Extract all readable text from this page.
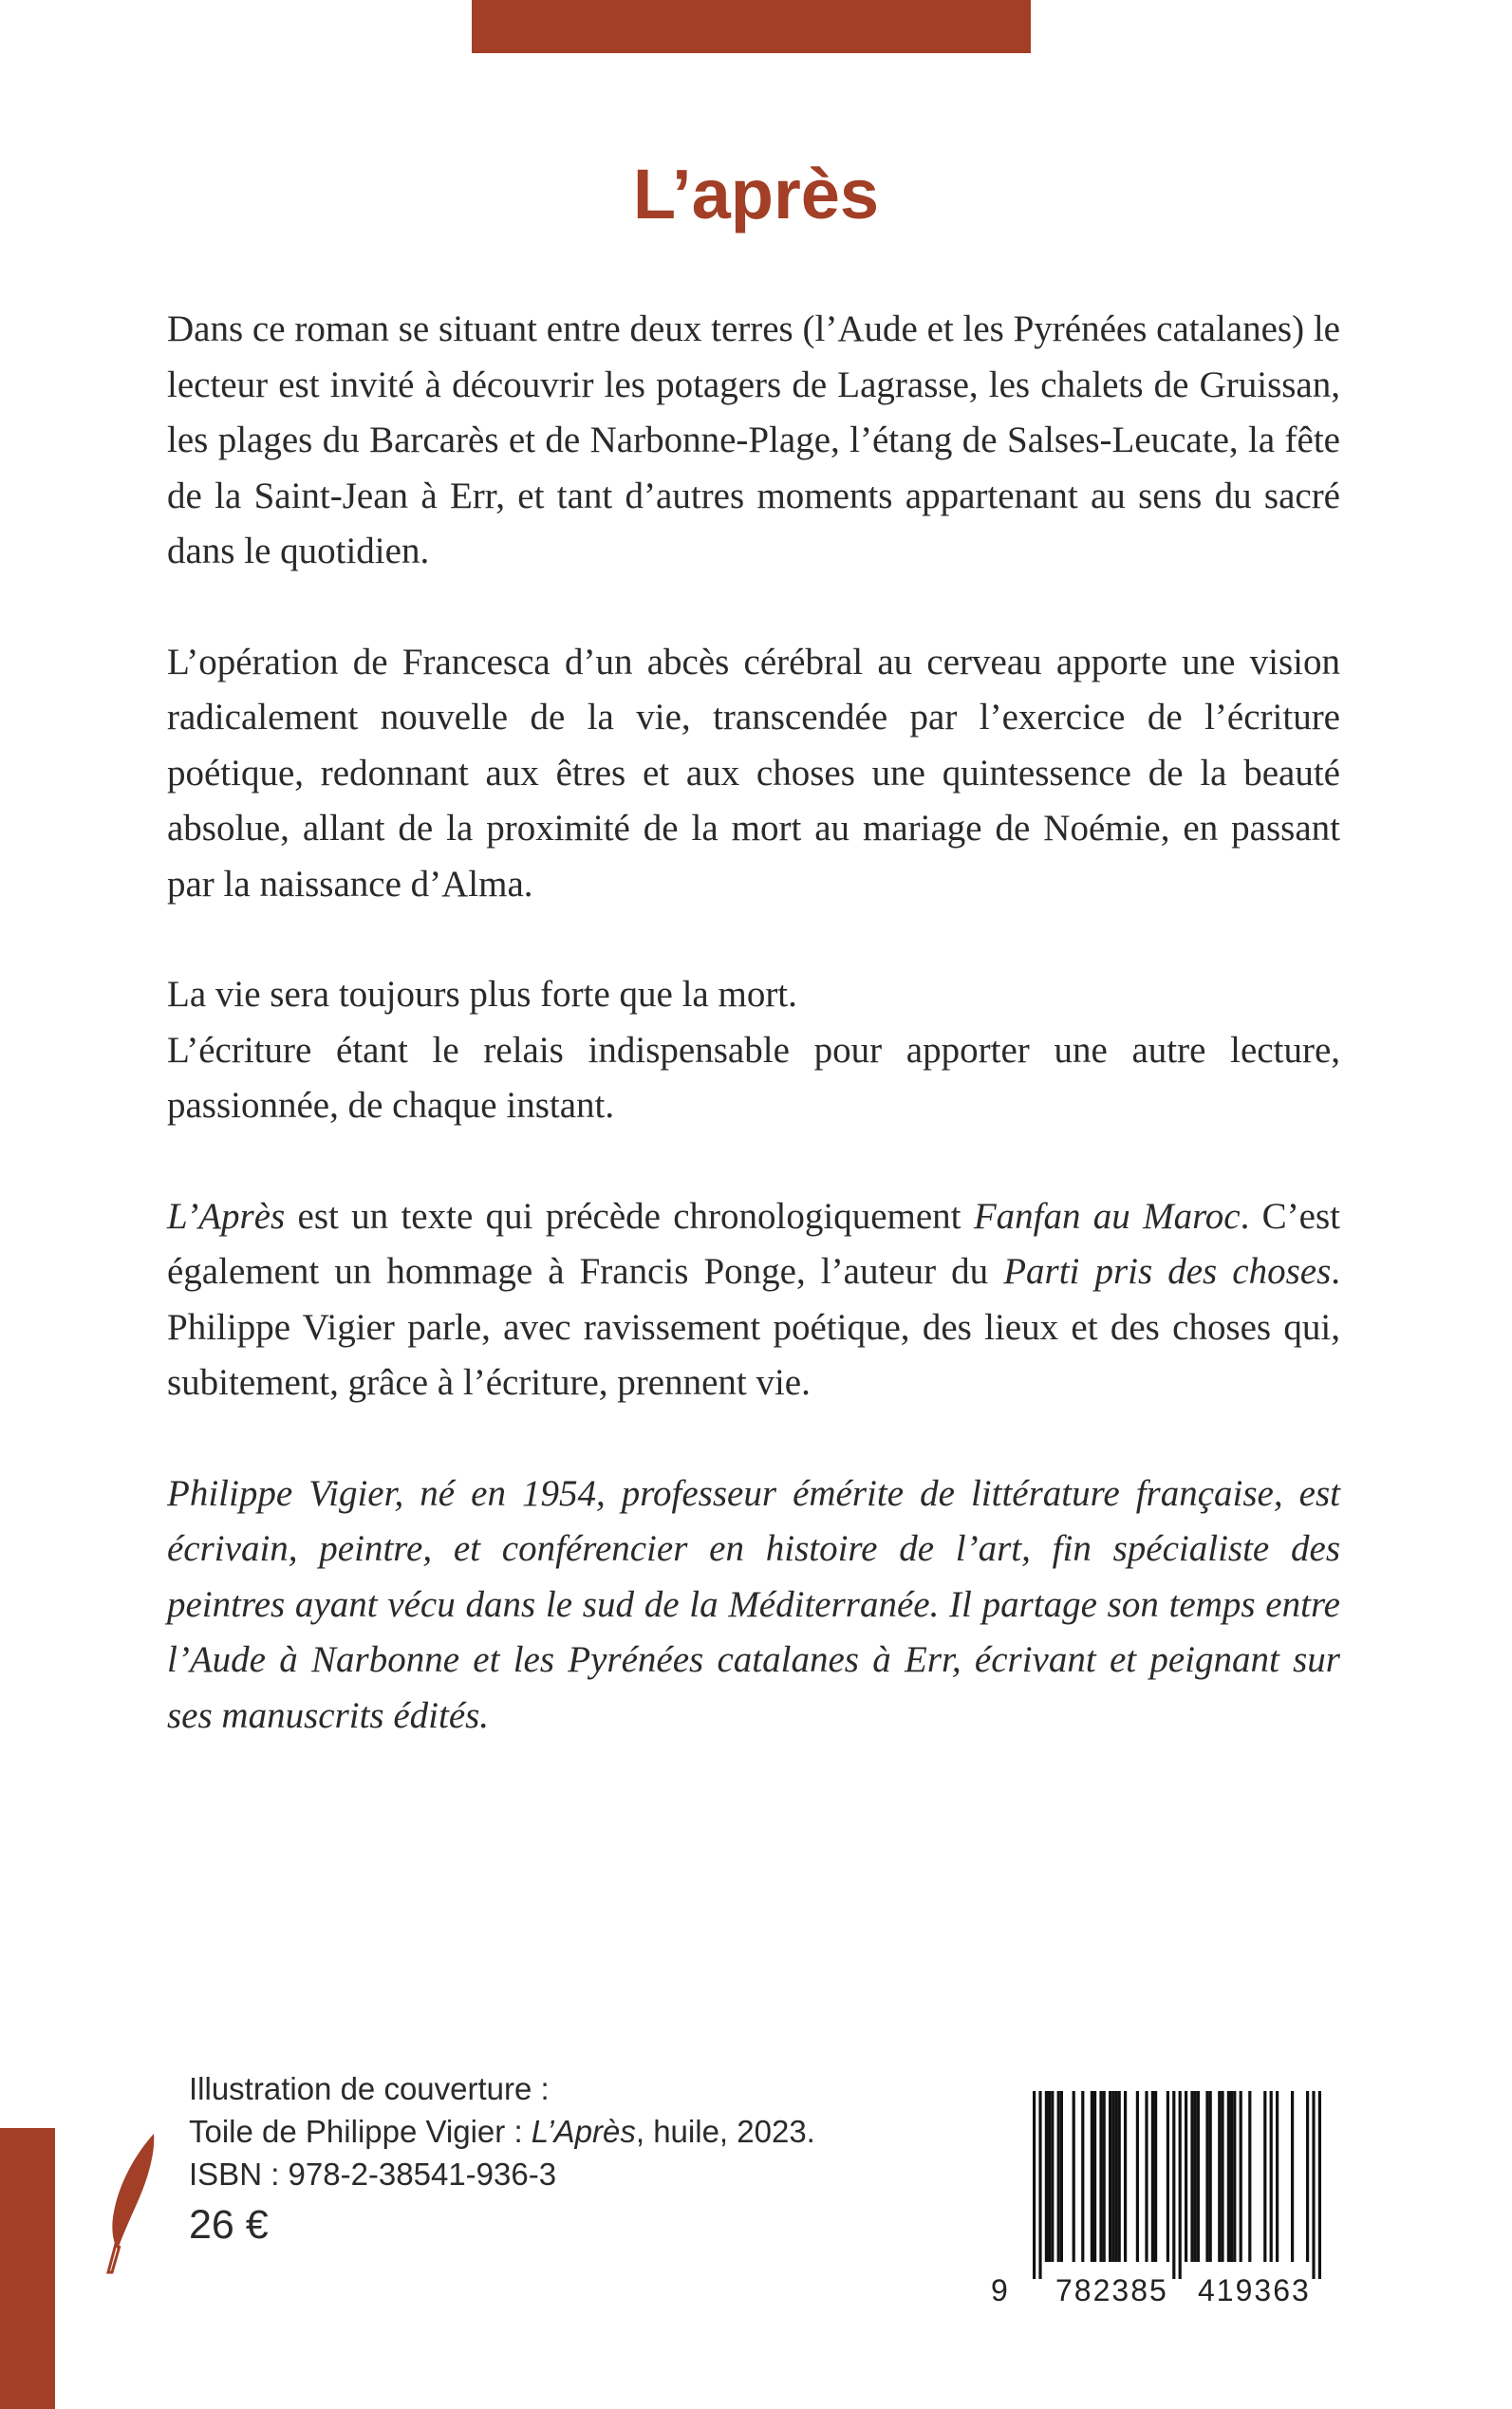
L’après

Dans ce roman se situant entre deux terres (l’Aude et les Pyrénées catalanes) le lecteur est invité à découvrir les potagers de Lagrasse, les chalets de Gruissan, les plages du Barcarès et de Narbonne-Plage, l’étang de Salses-Leucate, la fête de la Saint-Jean à Err, et tant d’autres moments appartenant au sens du sacré dans le quotidien.

L’opération de Francesca d’un abcès cérébral au cerveau apporte une vision radicalement nouvelle de la vie, transcendée par l’exercice de l’écriture poétique, redonnant aux êtres et aux choses une quintessence de la beauté absolue, allant de la proximité de la mort au mariage de Noémie, en passant par la naissance d’Alma.

La vie sera toujours plus forte que la mort.

L’écriture étant le relais indispensable pour apporter une autre lecture, passionnée, de chaque instant.

L’Après est un texte qui précède chronologiquement Fanfan au Maroc. C’est également un hommage à Francis Ponge, l’auteur du Parti pris des choses. Philippe Vigier parle, avec ravissement poétique, des lieux et des choses qui, subitement, grâce à l’écriture, prennent vie.

Philippe Vigier, né en 1954, professeur émérite de littérature française, est écrivain, peintre, et conférencier en histoire de l’art, fin spécialiste des peintres ayant vécu dans le sud de la Méditerranée. Il partage son temps entre l’Aude à Narbonne et les Pyrénées catalanes à Err, écrivant et peignant sur ses manuscrits édités.

Illustration de couverture :
Toile de Philippe Vigier : L’Après, huile, 2023.
ISBN : 978-2-38541-936-3
26 €
9 782385 419363
